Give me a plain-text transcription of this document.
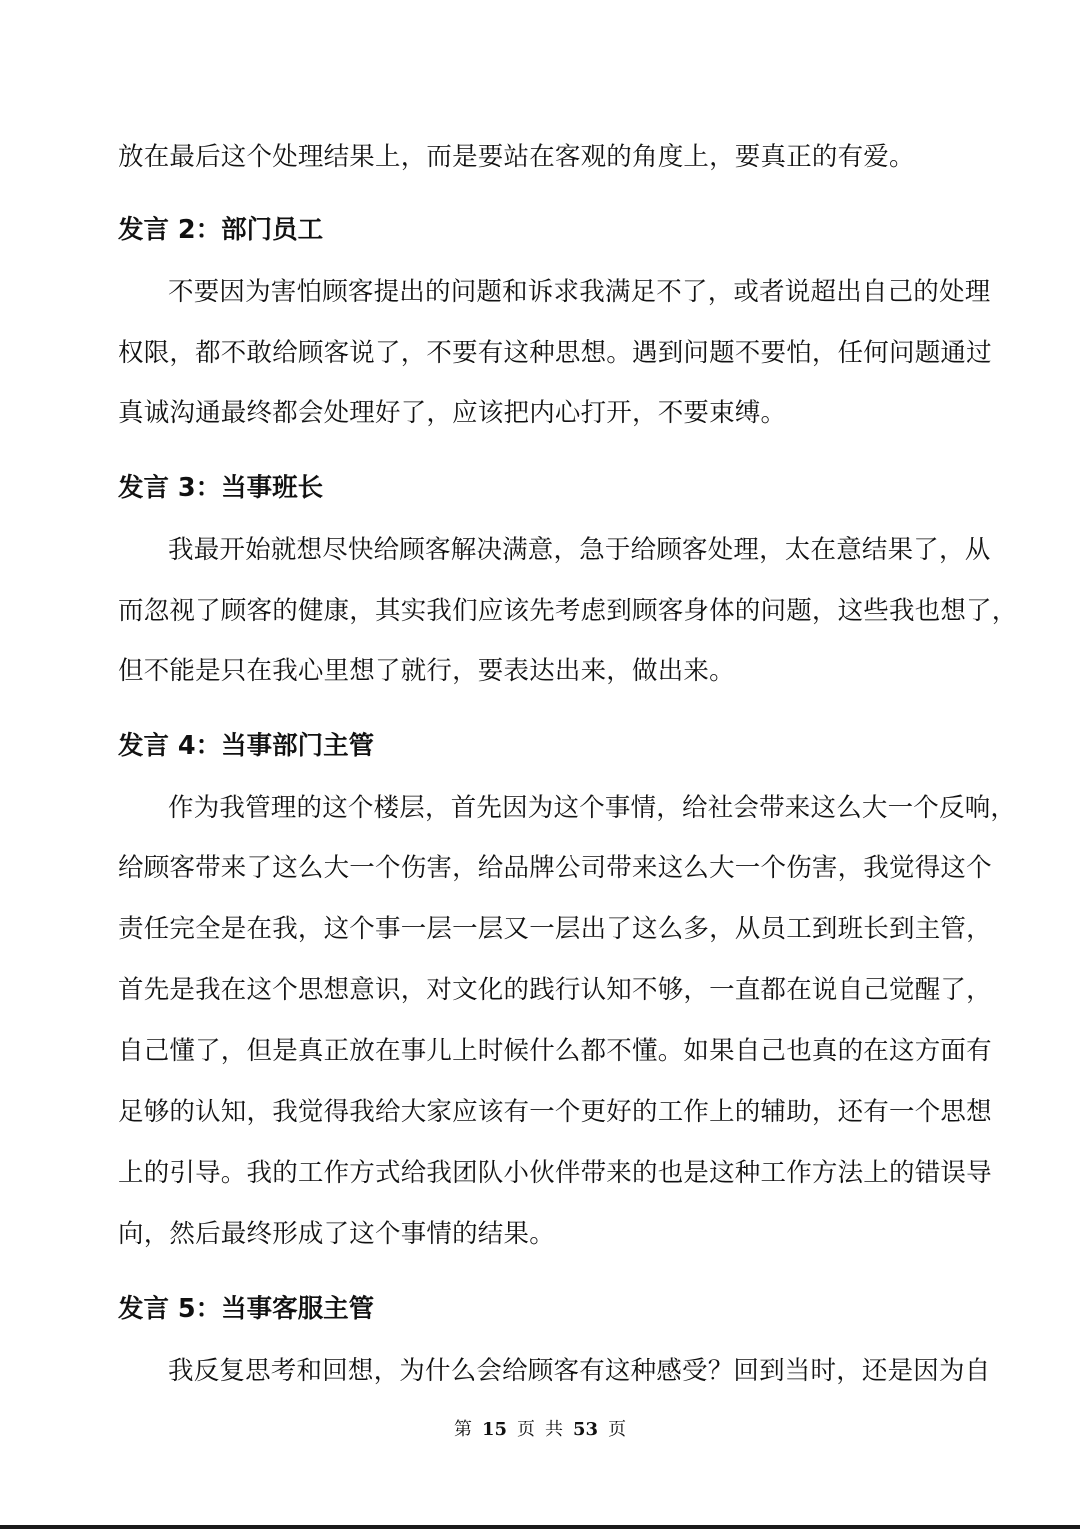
放在最后这个处理结果上，而是要站在客观的角度上，要真正的有爱。
发言 2：部门员工
不要因为害怕顾客提出的问题和诉求我满足不了，或者说超出自己的处理
权限，都不敢给顾客说了，不要有这种思想。遇到问题不要怕，任何问题通过
真诚沟通最终都会处理好了，应该把内心打开，不要束缚。
发言 3：当事班长
我最开始就想尽快给顾客解决满意，急于给顾客处理，太在意结果了，从
而忽视了顾客的健康，其实我们应该先考虑到顾客身体的问题，这些我也想了，
但不能是只在我心里想了就行，要表达出来，做出来。
发言 4：当事部门主管
作为我管理的这个楼层，首先因为这个事情，给社会带来这么大一个反响，
给顾客带来了这么大一个伤害，给品牌公司带来这么大一个伤害，我觉得这个
责任完全是在我，这个事一层一层又一层出了这么多，从员工到班长到主管，
首先是我在这个思想意识，对文化的践行认知不够，一直都在说自己觉醒了，
自己懂了，但是真正放在事儿上时候什么都不懂。如果自己也真的在这方面有
足够的认知，我觉得我给大家应该有一个更好的工作上的辅助，还有一个思想
上的引导。我的工作方式给我团队小伙伴带来的也是这种工作方法上的错误导
向，然后最终形成了这个事情的结果。
发言 5：当事客服主管
我反复思考和回想，为什么会给顾客有这种感受？回到当时，还是因为自
第 15 页 共 53 页
